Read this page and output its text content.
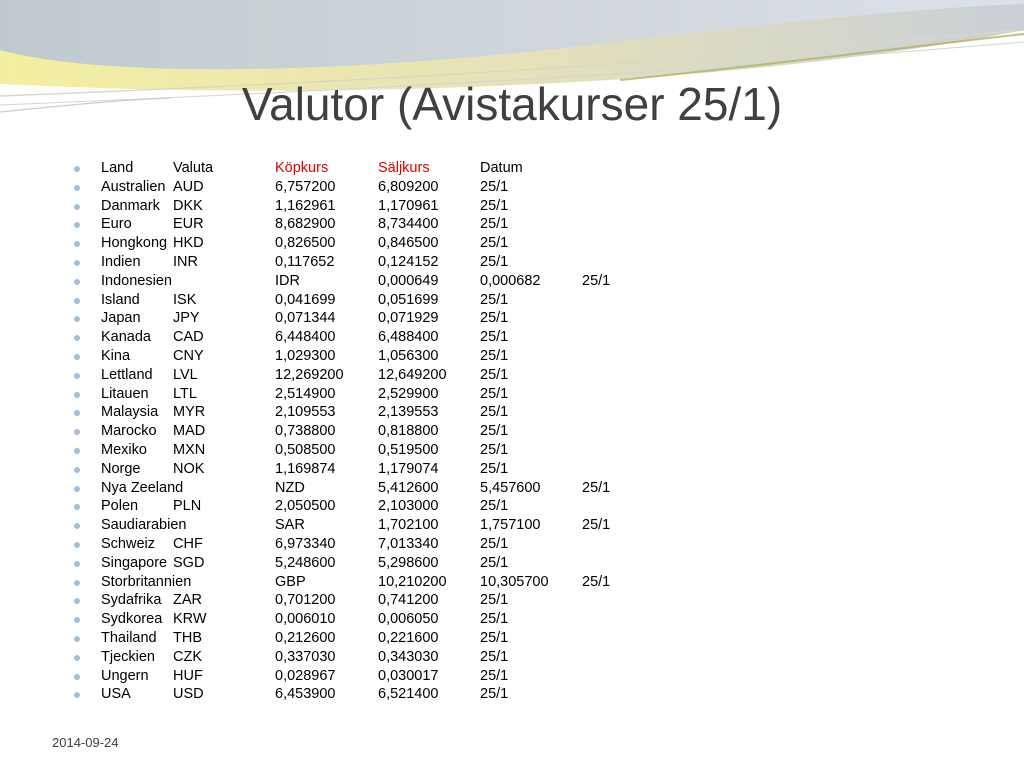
Valutor (Avistakurser 25/1)
Land	Valuta	Köpkurs	Säljkurs	Datum
Australien AUD	6,757200	6,809200	25/1
Danmark DKK	1,162961	1,170961	25/1
Euro	EUR	8,682900	8,734400	25/1
Hongkong HKD	0,826500	0,846500	25/1
Indien INR	0,117652	0,124152	25/1
Indonesien	IDR	0,000649	0,000682	25/1
Island ISK	0,041699	0,051699	25/1
Japan JPY	0,071344	0,071929	25/1
Kanada CAD	6,448400	6,488400	25/1
Kina	CNY	1,029300	1,056300	25/1
Lettland LVL	12,269200 12,649200 25/1
Litauen LTL	2,514900	2,529900	25/1
Malaysia MYR	2,109553	2,139553	25/1
Marocko MAD	0,738800	0,818800	25/1
Mexiko MXN	0,508500	0,519500	25/1
Norge NOK	1,169874	1,179074	25/1
Nya Zeeland	NZD	5,412600	5,457600	25/1
Polen PLN	2,050500	2,103000	25/1
Saudiarabien	SAR	1,702100	1,757100	25/1
Schweiz CHF	6,973340	7,013340	25/1
Singapore SGD	5,248600	5,298600	25/1
Storbritannien	GBP	10,210200 10,305700 25/1
Sydafrika ZAR	0,701200	0,741200	25/1
Sydkorea KRW	0,006010	0,006050	25/1
Thailand THB	0,212600	0,221600	25/1
Tjeckien CZK	0,337030	0,343030	25/1
Ungern HUF	0,028967	0,030017	25/1
USA	USD	6,453900	6,521400	25/1
2014-09-24
